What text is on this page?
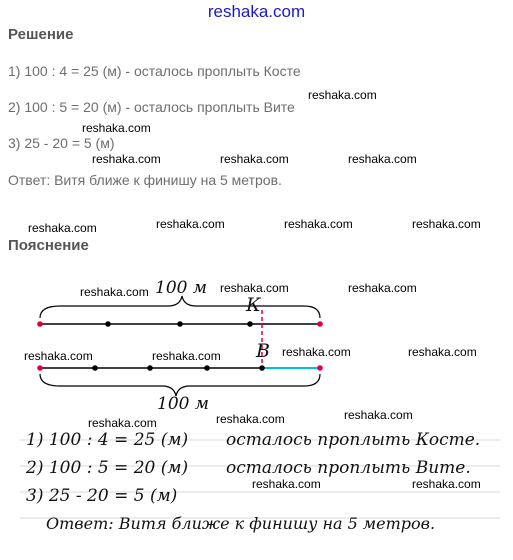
reshaka.com
Решение
1) 100 : 4 = 25 (м) - осталось проплыть Косте
2) 100 : 5 = 20 (м) - осталось проплыть Вите
3) 25 - 20 = 5 (м)
Ответ: Витя ближе к финишу на 5 метров.
Пояснение
100 м
К
В
100 м
1) 100 : 4 = 25 (м) осталось проплыть Косте.
2) 100 : 5 = 20 (м) осталось проплыть Вите.
3) 25 - 20 = 5 (м)
Ответ: Витя ближе к финишу на 5 метров.
reshaka.com
reshaka.com
reshaka.com	reshaka.com	reshaka.com
reshaka.com	reshaka.com	reshaka.com
reshaka.com
reshaka.com	reshaka.com	reshaka.com
reshaka.com	reshaka.com	reshaka.com	reshaka.com
reshaka.com	reshaka.com	reshaka.com
reshaka.com	reshaka.com
